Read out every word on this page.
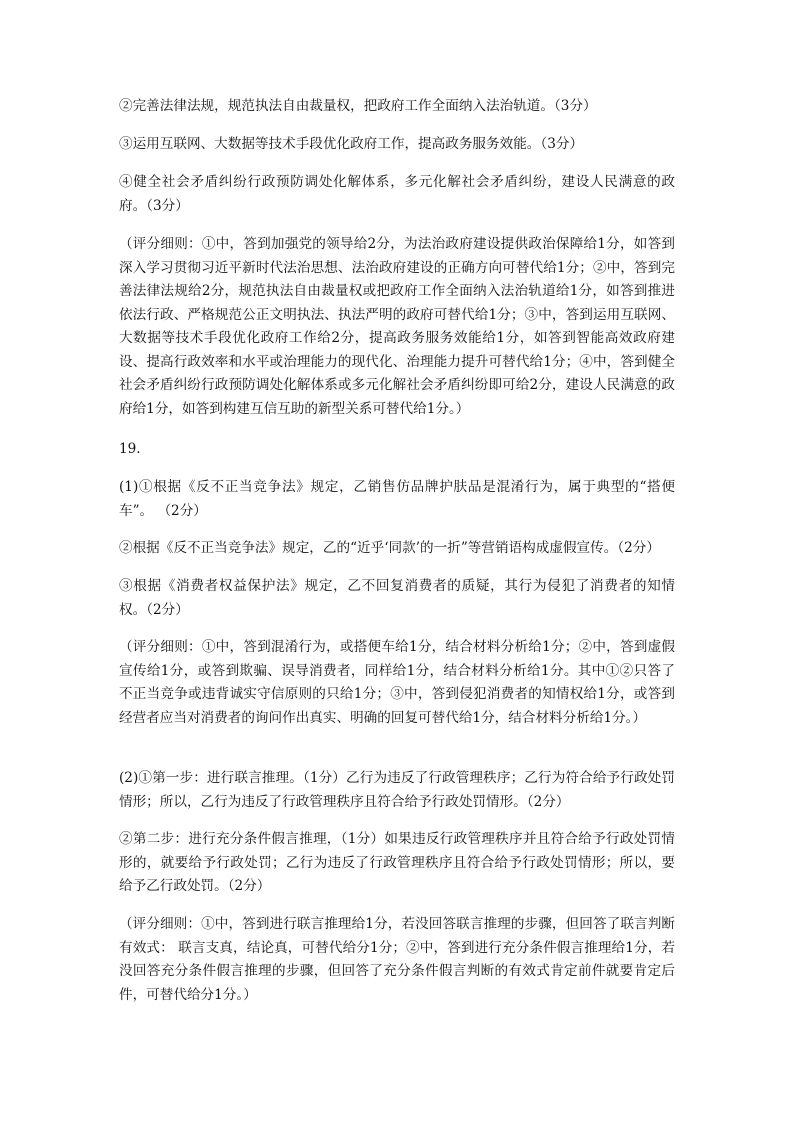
②完善法律法规，规范执法自由裁量权，把政府工作全面纳入法治轨道。（3分）

③运用互联网、大数据等技术手段优化政府工作，提高政务服务效能。（3分）

④健全社会矛盾纠纷行政预防调处化解体系，多元化解社会矛盾纠纷，建设人民满意的政府。（3分）

（评分细则：①中，答到加强党的领导给2分，为法治政府建设提供政治保障给1分，如答到深入学习贯彻习近平新时代法治思想、法治政府建设的正确方向可替代给1分；②中，答到完善法律法规给2分，规范执法自由裁量权或把政府工作全面纳入法治轨道给1分，如答到推进依法行政、严格规范公正文明执法、执法严明的政府可替代给1分；③中，答到运用互联网、大数据等技术手段优化政府工作给2分，提高政务服务效能给1分，如答到智能高效政府建设、提高行政效率和水平或治理能力的现代化、治理能力提升可替代给1分；④中，答到健全社会矛盾纠纷行政预防调处化解体系或多元化解社会矛盾纠纷即可给2分，建设人民满意的政府给1分，如答到构建互信互助的新型关系可替代给1分。）

19.

(1)①根据《反不正当竞争法》规定，乙销售仿品牌护肤品是混淆行为，属于典型的“搭便车”。 （2分）

②根据《反不正当竞争法》规定，乙的“近乎‘同款’的一折”等营销语构成虚假宣传。（2分）

③根据《消费者权益保护法》规定，乙不回复消费者的质疑，其行为侵犯了消费者的知情权。（2分）

（评分细则：①中，答到混淆行为，或搭便车给1分，结合材料分析给1分；②中，答到虚假宣传给1分，或答到欺骗、误导消费者，同样给1分，结合材料分析给1分。其中①②只答了不正当竞争或违背诚实守信原则的只给1分；③中，答到侵犯消费者的知情权给1分，或答到经营者应当对消费者的询问作出真实、明确的回复可替代给1分，结合材料分析给1分。）

(2)①第一步：进行联言推理。（1分）乙行为违反了行政管理秩序；乙行为符合给予行政处罚情形；所以，乙行为违反了行政管理秩序且符合给予行政处罚情形。（2分）

②第二步：进行充分条件假言推理，（1分）如果违反行政管理秩序并且符合给予行政处罚情形的，就要给予行政处罚；乙行为违反了行政管理秩序且符合给予行政处罚情形；所以，要给予乙行政处罚。（2分）

（评分细则：①中，答到进行联言推理给1分，若没回答联言推理的步骤，但回答了联言判断有效式： 联言支真，结论真，可替代给分1分；②中，答到进行充分条件假言推理给1分，若没回答充分条件假言推理的步骤，但回答了充分条件假言判断的有效式肯定前件就要肯定后件，可替代给分1分。）
